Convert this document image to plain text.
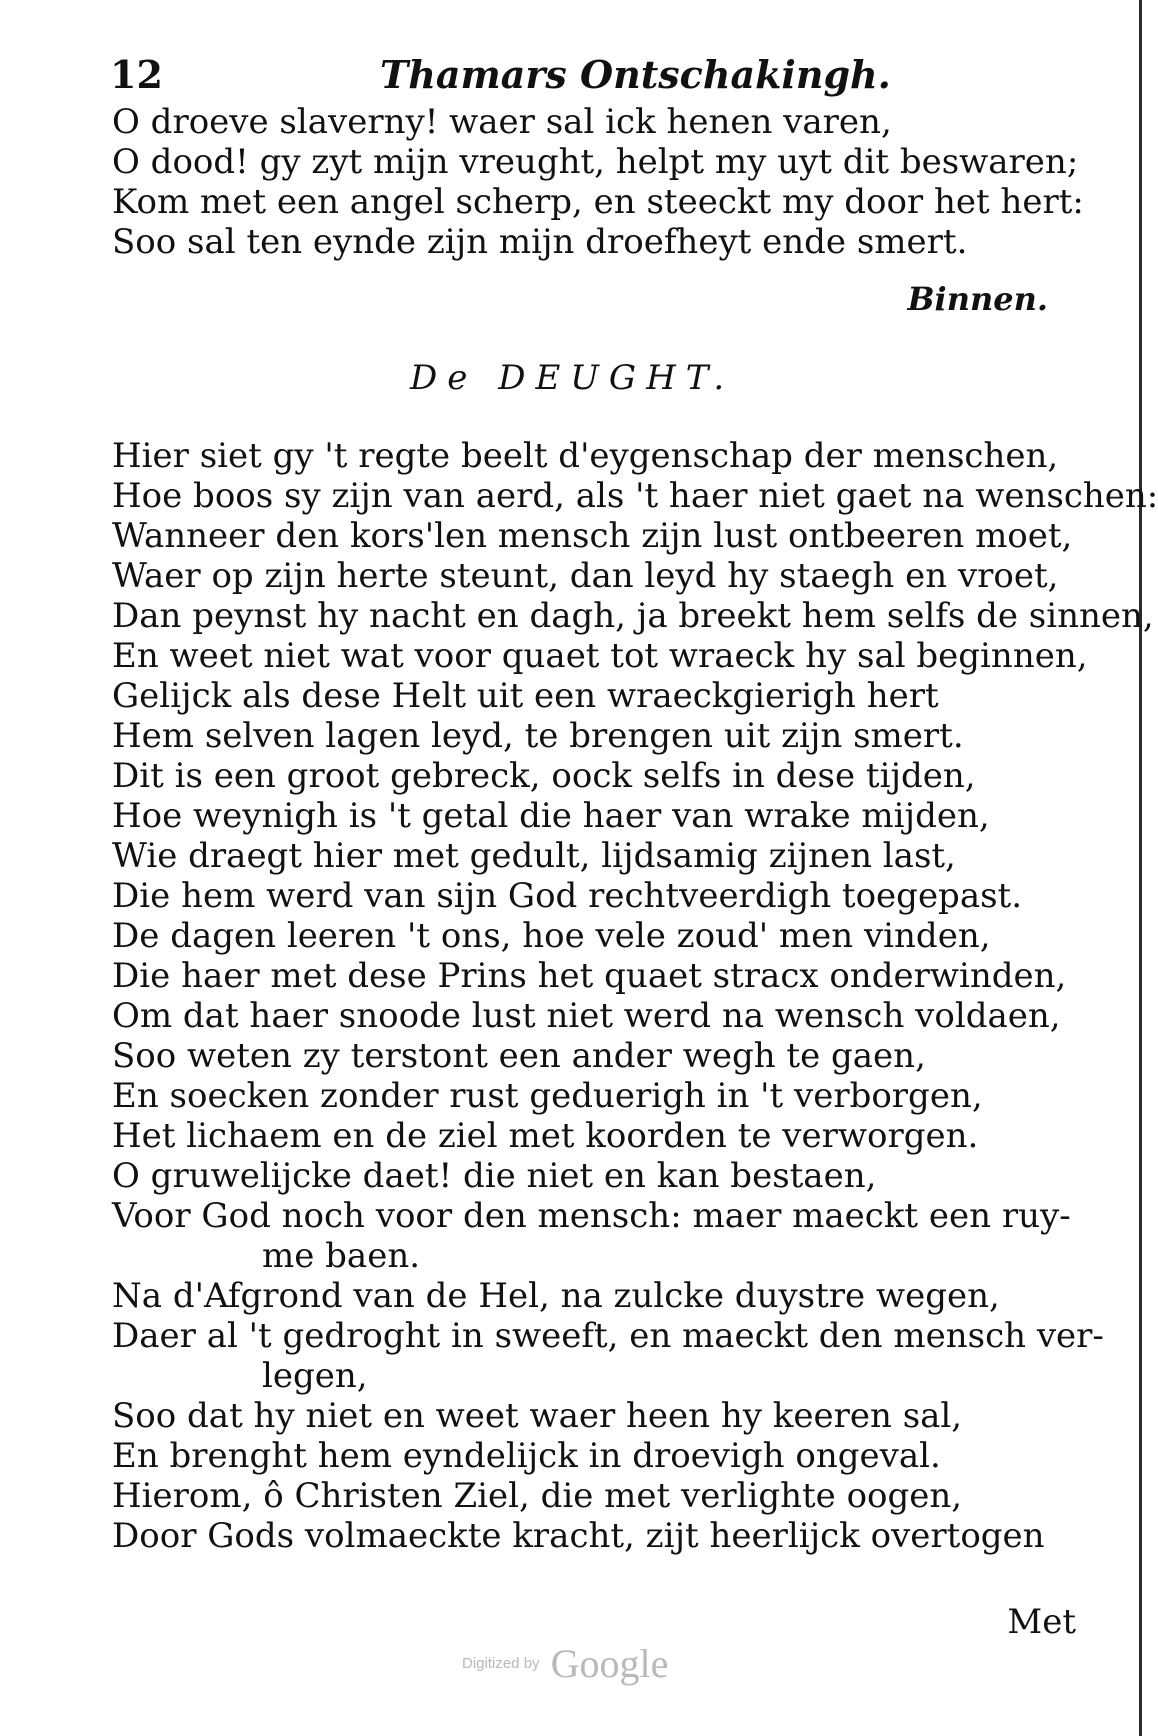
12	Thamars Ontschakingh.
O droeve slaverny! waer sal ick henen varen,
O dood! gy zyt mijn vreught, helpt my uyt dit beswaren;
Kom met een angel scherp, en steeckt my door het hert:
Soo sal ten eynde zijn mijn droefheyt ende smert.
Binnen.
De DEUGHT.
Hier siet gy 't regte beelt d'eygenschap der menschen,
Hoe boos sy zijn van aerd, als 't haer niet gaet na wenschen:
Wanneer den kors'len mensch zijn lust ontbeeren moet,
Waer op zijn herte steunt, dan leyd hy staegh en vroet,
Dan peynst hy nacht en dagh, ja breekt hem selfs de sinnen,
En weet niet wat voor quaet tot wraeck hy sal beginnen,
Gelijck als dese Helt uit een wraeckgierigh hert
Hem selven lagen leyd, te brengen uit zijn smert.
Dit is een groot gebreck, oock selfs in dese tijden,
Hoe weynigh is 't getal die haer van wrake mijden,
Wie draegt hier met gedult, lijdsamig zijnen last,
Die hem werd van sijn God rechtveerdigh toegepast.
De dagen leeren 't ons, hoe vele zoud' men vinden,
Die haer met dese Prins het quaet stracx onderwinden,
Om dat haer snoode lust niet werd na wensch voldaen,
Soo weten zy terstont een ander wegh te gaen,
En soecken zonder rust geduerigh in 't verborgen,
Het lichaem en de ziel met koorden te verworgen.
O gruwelijcke daet! die niet en kan bestaen,
Voor God noch voor den mensch: maer maeckt een ruy-
me baen.
Na d'Afgrond van de Hel, na zulcke duystre wegen,
Daer al 't gedroght in sweeft, en maeckt den mensch ver-
legen,
Soo dat hy niet en weet waer heen hy keeren sal,
En brenght hem eyndelijck in droevigh ongeval.
Hierom, ô Christen Ziel, die met verlighte oogen,
Door Gods volmaeckte kracht, zijt heerlijck overtogen
Met
Digitized by Google
